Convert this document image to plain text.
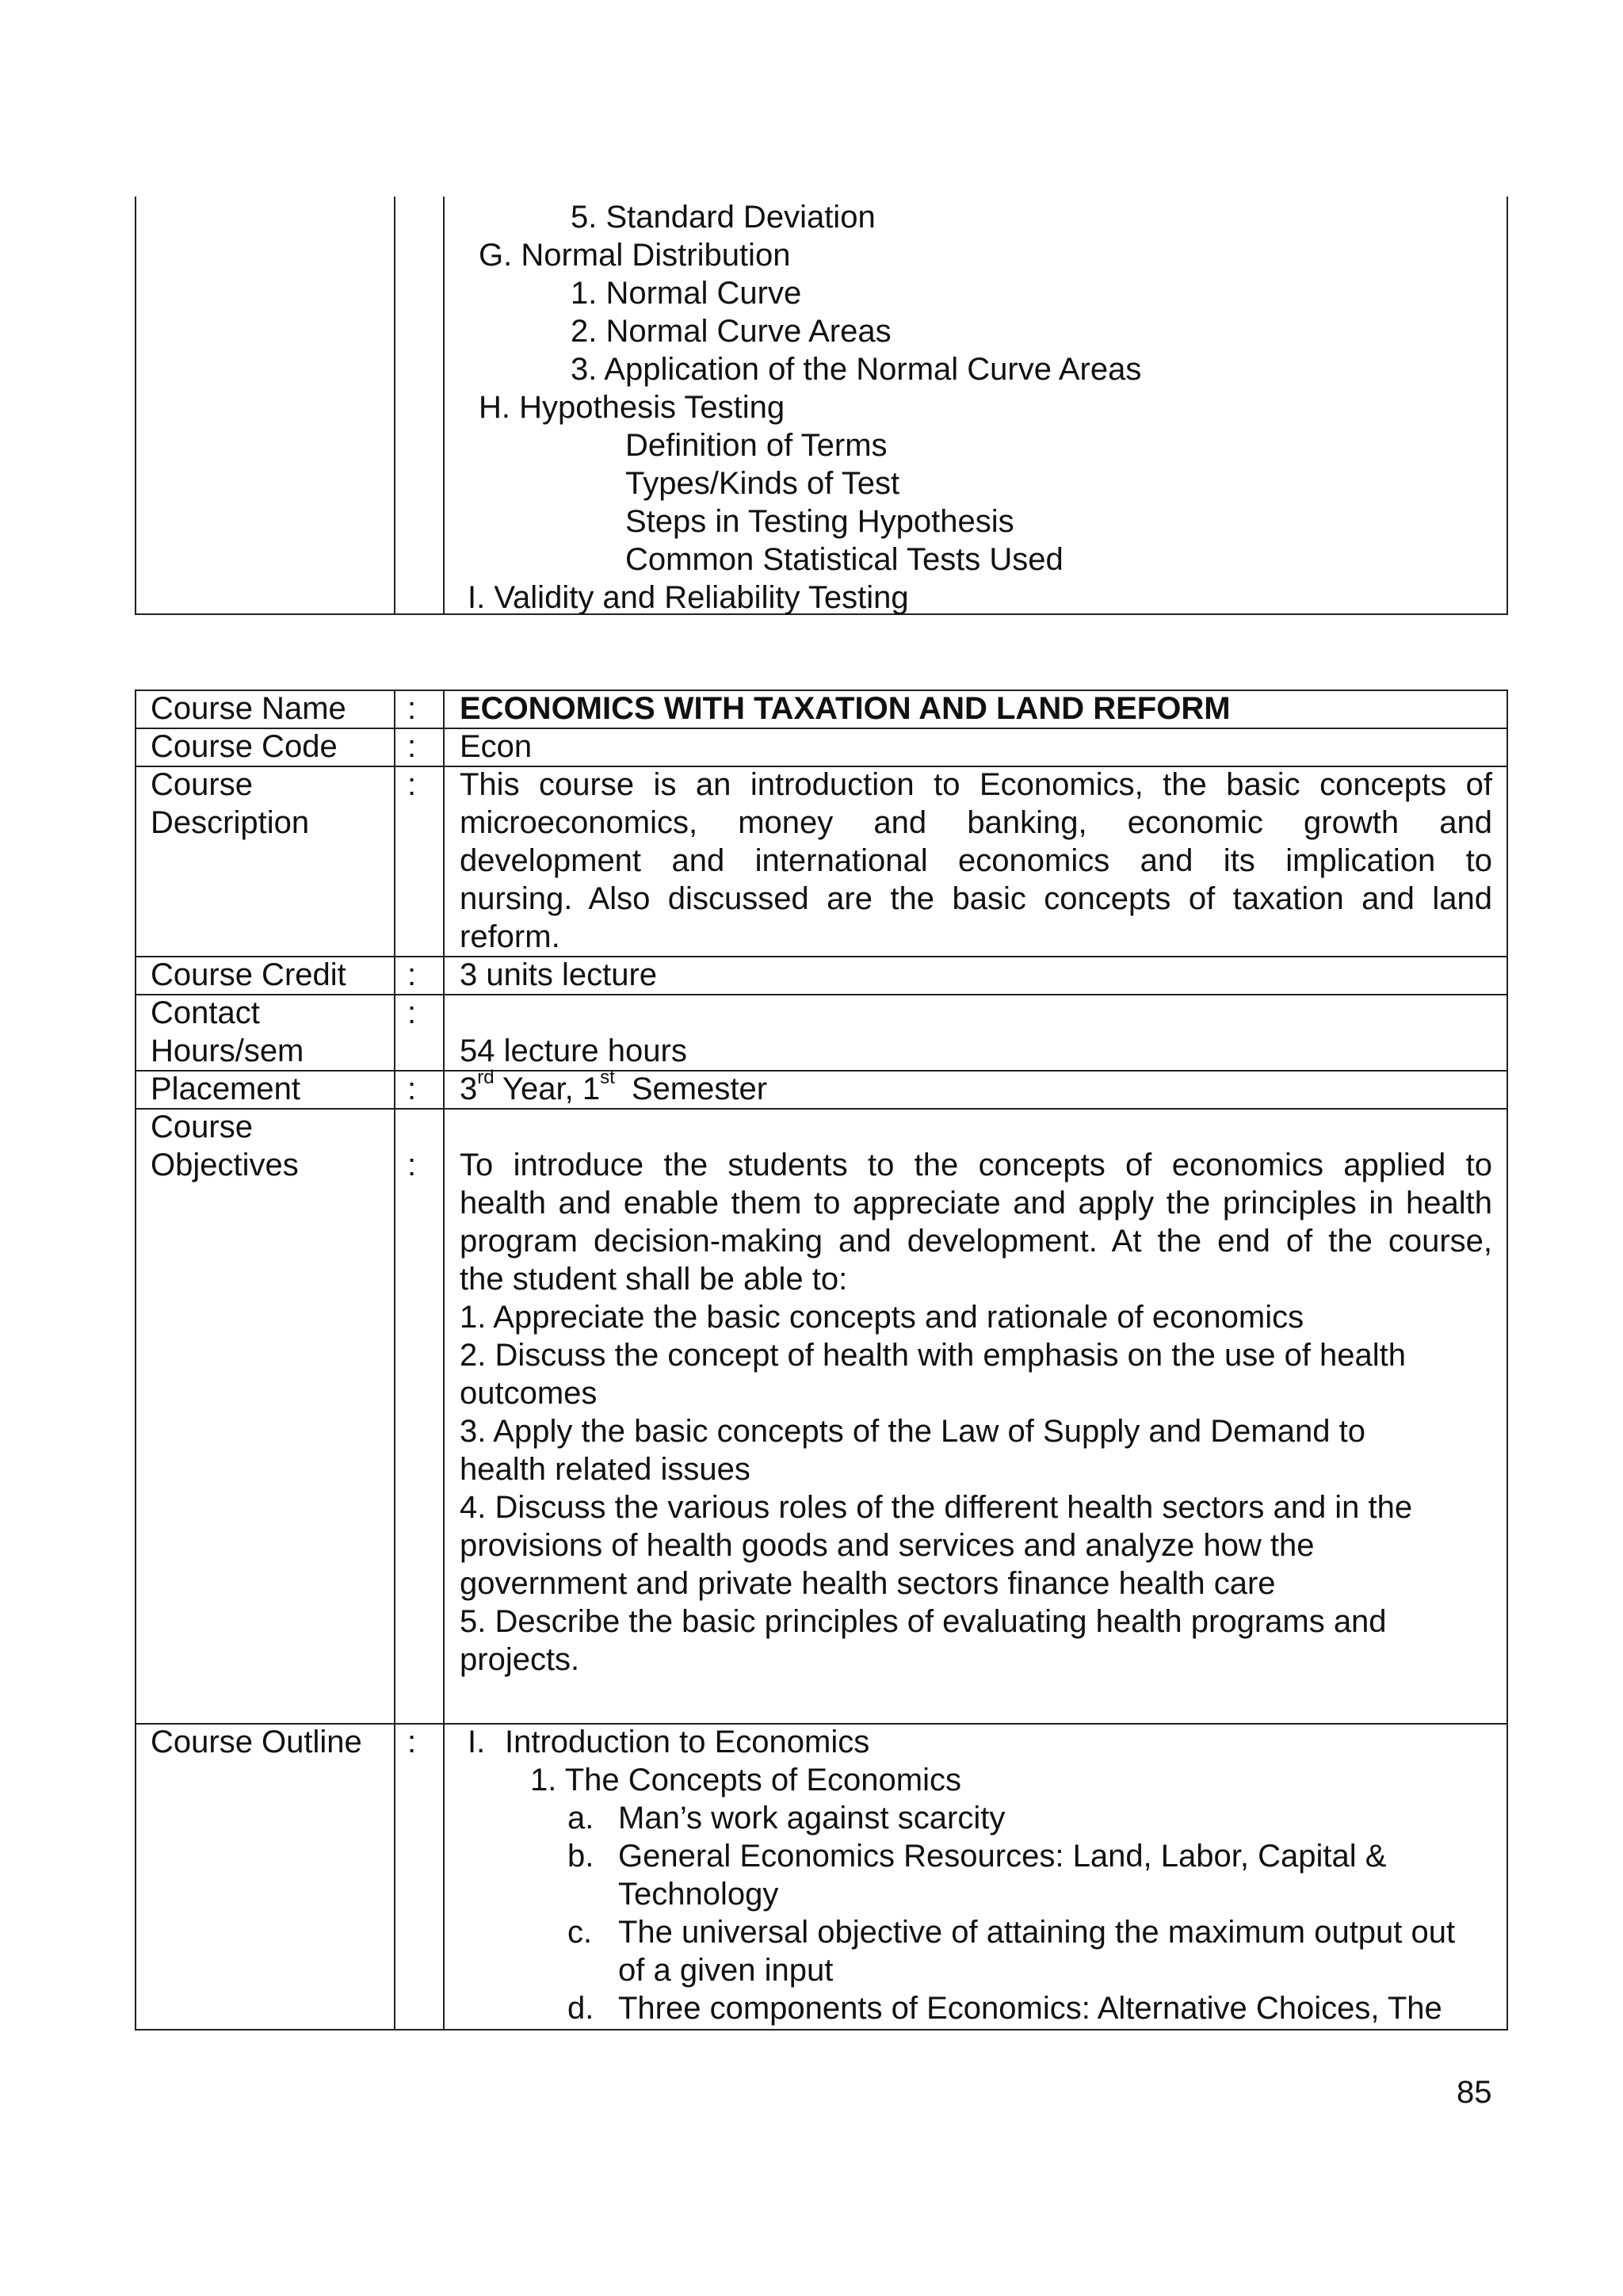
5. Standard Deviation
G. Normal Distribution
1. Normal Curve
2. Normal Curve Areas
3. Application of the Normal Curve Areas
H. Hypothesis Testing
Definition of Terms
Types/Kinds of Test
Steps in Testing Hypothesis
Common Statistical Tests Used
I. Validity and Reliability Testing
Course Name : ECONOMICS WITH TAXATION AND LAND REFORM
Course Code : Econ
Course
Description
: This course is an introduction to Economics, the basic concepts of
microeconomics, money and banking, economic growth and
development and international economics and its implication to
nursing. Also discussed are the basic concepts of taxation and land
reform.
Course Credit : 3 units lecture
Contact
Hours/sem
:
54 lecture hours
Placement	: 3rd Year, 1st Semester
Course
Objectives	: To introduce the students to the concepts of economics applied to
health and enable them to appreciate and apply the principles in health
program decision-making and development. At the end of the course,
the student shall be able to:
1. Appreciate the basic concepts and rationale of economics
2. Discuss the concept of health with emphasis on the use of health
outcomes
3. Apply the basic concepts of the Law of Supply and Demand to
health related issues
4. Discuss the various roles of the different health sectors and in the
provisions of health goods and services and analyze how the
government and private health sectors finance health care
5. Describe the basic principles of evaluating health programs and
projects.
Course Outline : I. Introduction to Economics
1. The Concepts of Economics
a. Man’s work against scarcity
b. General Economics Resources: Land, Labor, Capital &
Technology
c. The universal objective of attaining the maximum output out
of a given input
d. Three components of Economics: Alternative Choices, The
85
